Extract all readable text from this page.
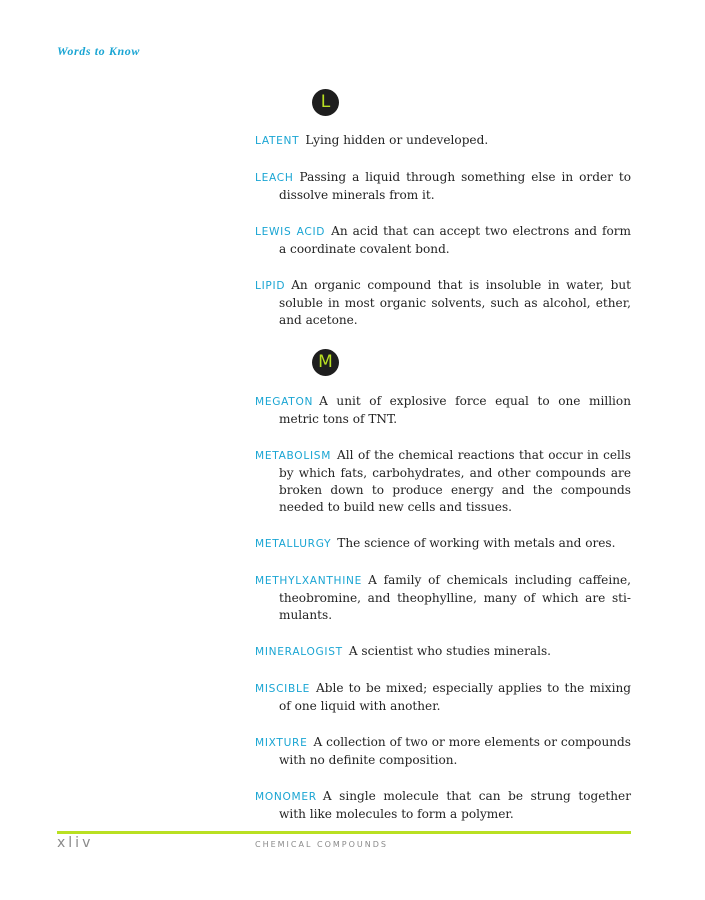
Words to Know
L

LATENT Lying hidden or undeveloped.

LEACH Passing a liquid through something else in order to dissolve minerals from it.

LEWIS ACID An acid that can accept two electrons and form a coordinate covalent bond.

LIPID An organic compound that is insoluble in water, but soluble in most organic solvents, such as alcohol, ether, and acetone.

M

MEGATON A unit of explosive force equal to one million metric tons of TNT.

METABOLISM All of the chemical reactions that occur in cells by which fats, carbohydrates, and other compounds are broken down to produce energy and the compounds needed to build new cells and tissues.

METALLURGY The science of working with metals and ores.

METHYLXANTHINE A family of chemicals including caffeine, theobromine, and theophylline, many of which are sti- mulants.

MINERALOGIST A scientist who studies minerals.

MISCIBLE Able to be mixed; especially applies to the mixing of one liquid with another.

MIXTURE A collection of two or more elements or compounds with no definite composition.

MONOMER A single molecule that can be strung together with like molecules to form a polymer.

xliv	CHEMICAL COMPOUNDS
